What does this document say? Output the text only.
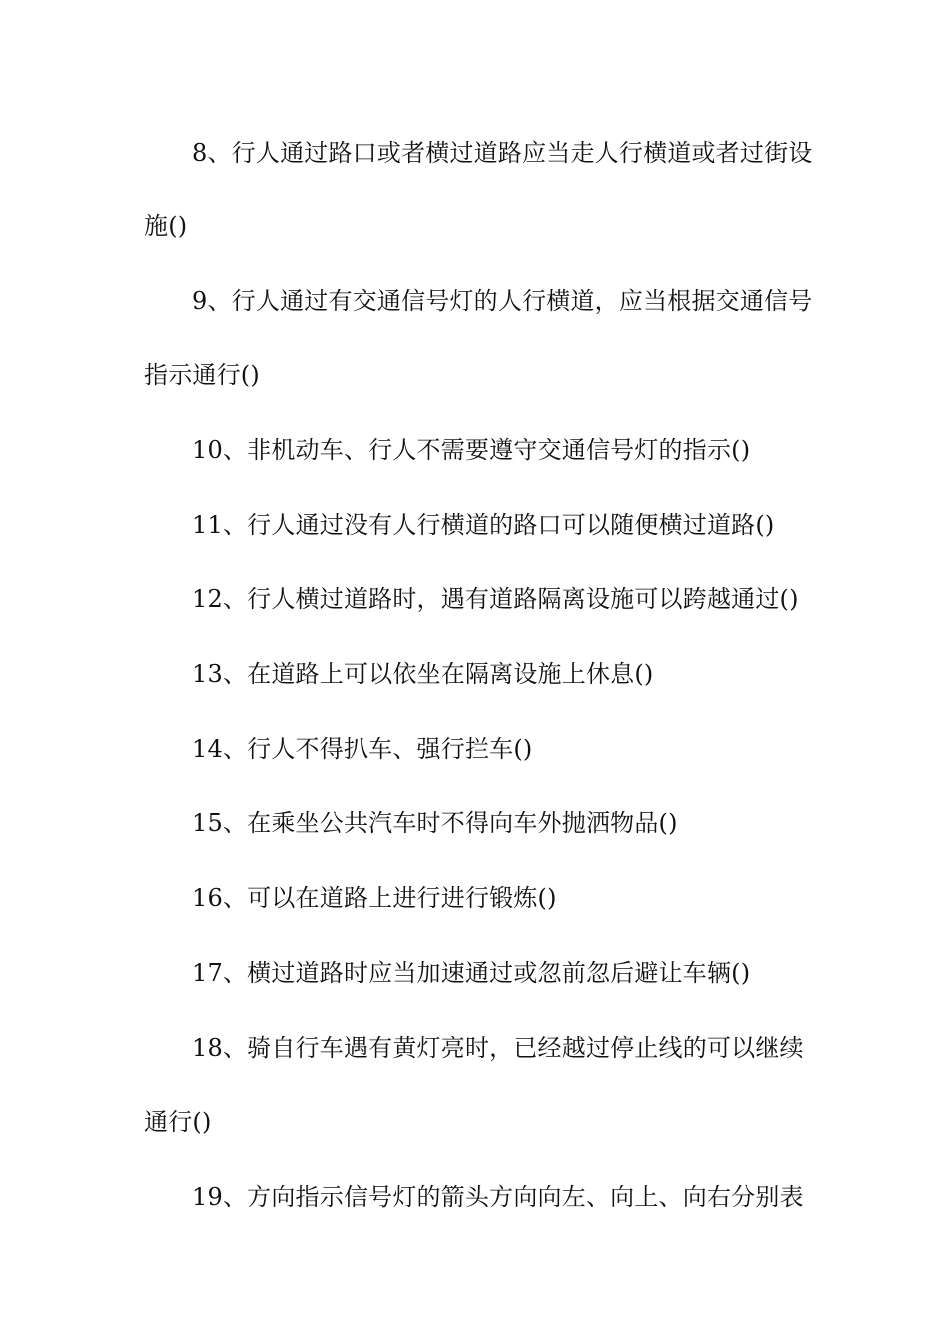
8、行人通过路口或者横过道路应当走人行横道或者过街设
施()
9、行人通过有交通信号灯的人行横道，应当根据交通信号
指示通行()
10、非机动车、行人不需要遵守交通信号灯的指示()
11、行人通过没有人行横道的路口可以随便横过道路()
12、行人横过道路时，遇有道路隔离设施可以跨越通过()
13、在道路上可以依坐在隔离设施上休息()
14、行人不得扒车、强行拦车()
15、在乘坐公共汽车时不得向车外抛洒物品()
16、可以在道路上进行进行锻炼()
17、横过道路时应当加速通过或忽前忽后避让车辆()
18、骑自行车遇有黄灯亮时，已经越过停止线的可以继续
通行()
19、方向指示信号灯的箭头方向向左、向上、向右分别表
